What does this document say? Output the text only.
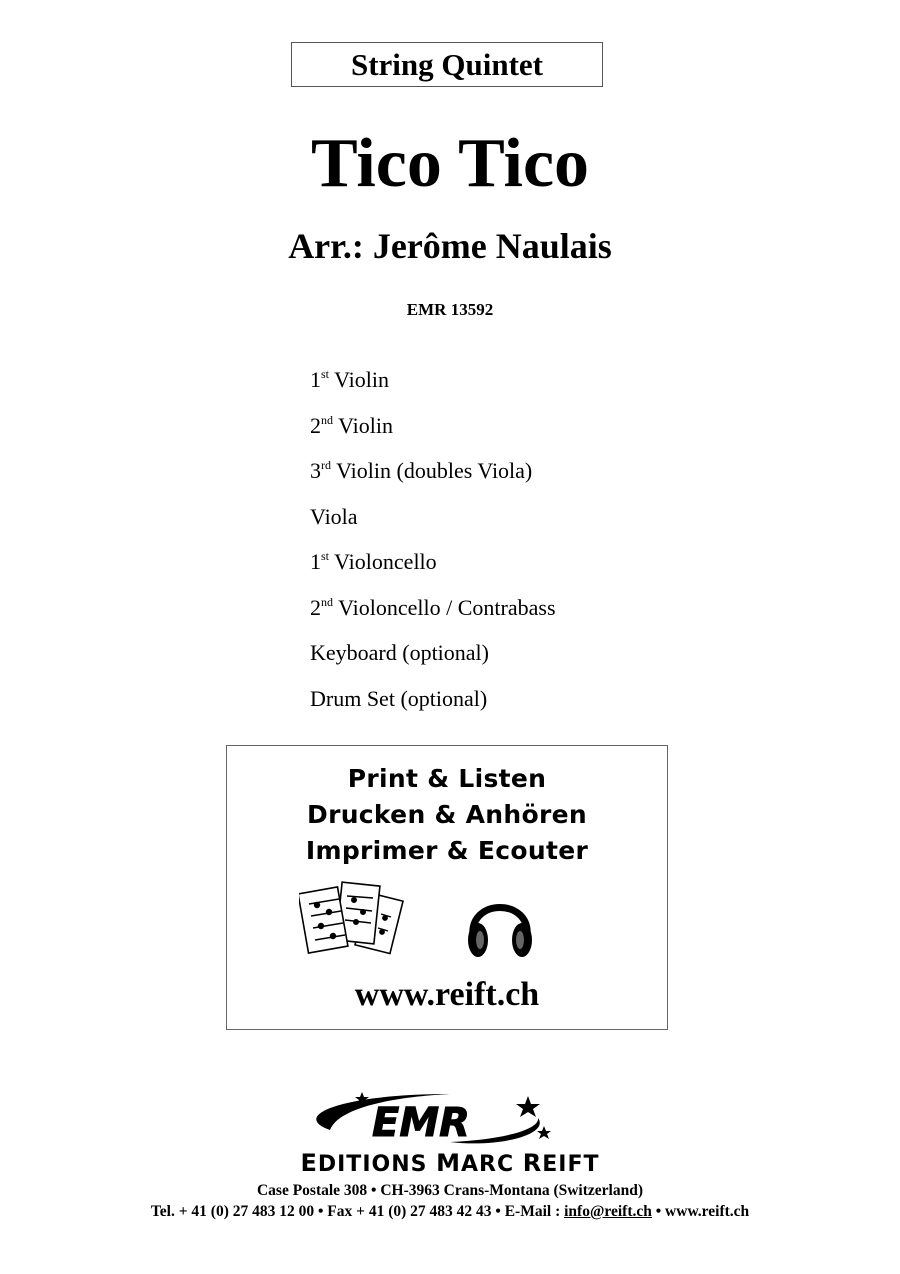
String Quintet
Tico Tico
Arr.: Jerôme Naulais
EMR 13592
1st Violin
2nd Violin
3rd Violin (doubles Viola)
Viola
1st Violoncello
2nd Violoncello / Contrabass
Keyboard (optional)
Drum Set (optional)
Print & Listen
Drucken & Anhören
Imprimer & Ecouter
www.reift.ch
EMR
EDITIONS MARC REIFT
Case Postale 308 • CH-3963 Crans-Montana (Switzerland)
Tel. + 41 (0) 27 483 12 00 • Fax + 41 (0) 27 483 42 43 • E-Mail : info@reift.ch • www.reift.ch
